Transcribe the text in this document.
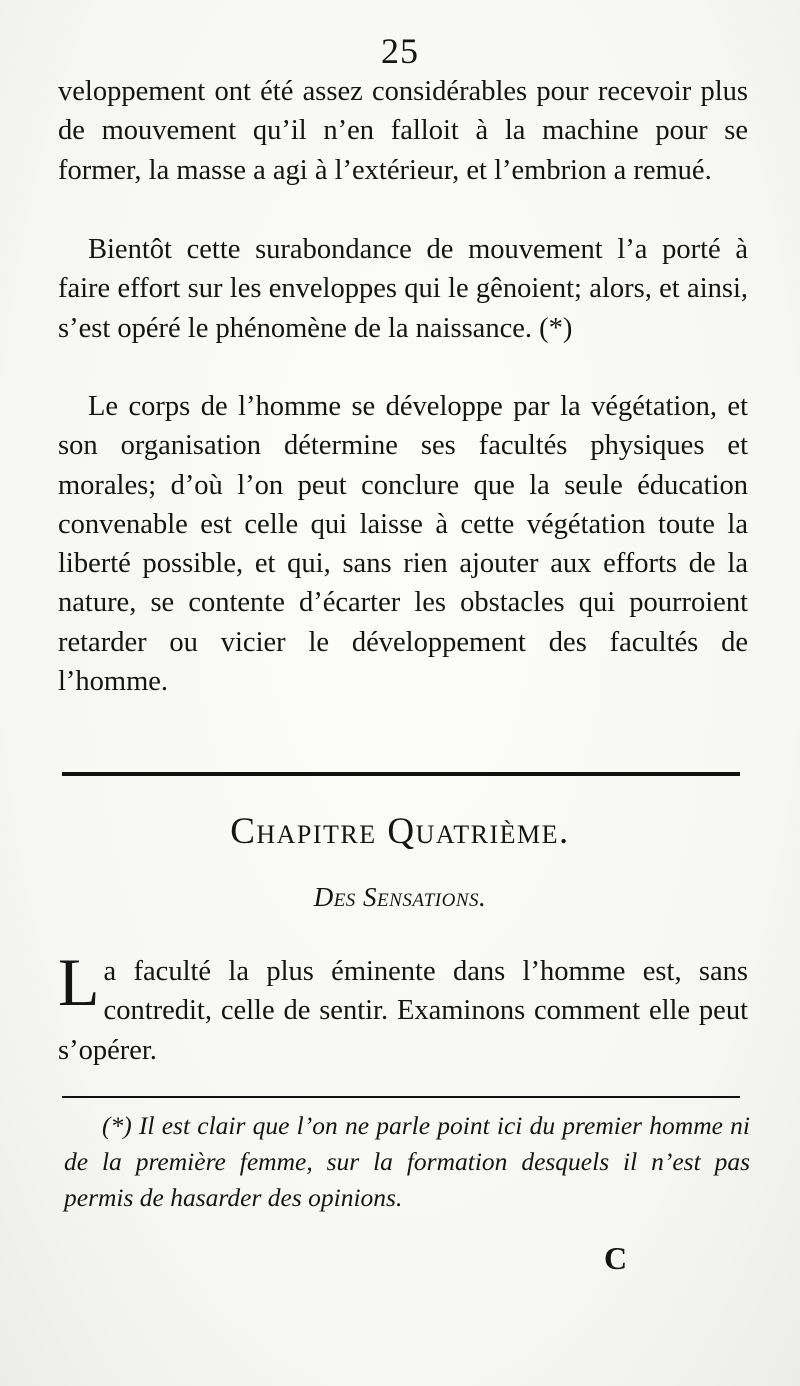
25

veloppement ont été assez considérables pour recevoir plus de mouvement qu’il n’en falloit à la machine pour se former, la masse a agi à l’extérieur, et l’embrion a remué.

Bientôt cette surabondance de mouvement l’a porté à faire effort sur les enveloppes qui le gênoient; alors, et ainsi, s’est opéré le phénomène de la naissance. (*)

Le corps de l’homme se développe par la végétation, et son organisation détermine ses facultés physiques et morales; d’où l’on peut conclure que la seule éducation convenable est celle qui laisse à cette végétation toute la liberté possible, et qui, sans rien ajouter aux efforts de la nature, se contente d’écarter les obstacles qui pourroient retarder ou vicier le développement des facultés de l’homme.

Chapitre Quatrième.
Des Sensations.
La faculté la plus éminente dans l’homme est, sans contredit, celle de sentir. Examinons comment elle peut s’opérer.
(*) Il est clair que l’on ne parle point ici du premier homme ni de la première femme, sur la formation desquels il n’est pas permis de hasarder des opinions.
C
